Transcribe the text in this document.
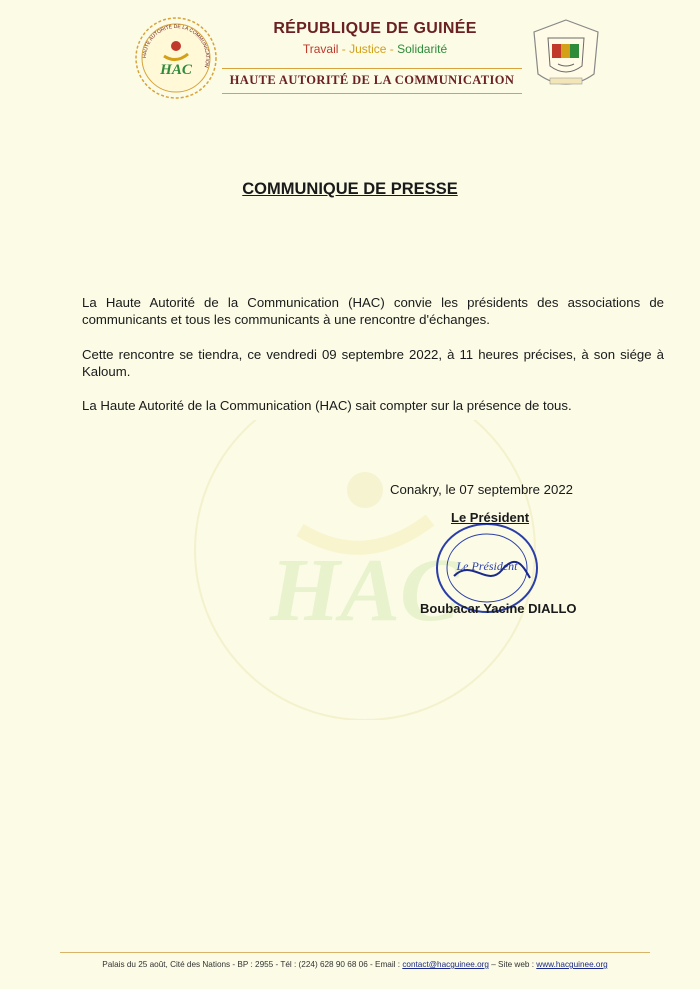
HAUTE AUTORITÉ DE LA COMMUNICATION
HAC
RÉPUBLIQUE DE GUINÉE

Travail - Justice - Solidarité

HAUTE AUTORITÉ DE LA COMMUNICATION

HAC
COMMUNIQUE DE PRESSE

La Haute Autorité de la Communication (HAC) convie les présidents des associations de communicants et tous les communicants à une rencontre d'échanges.

Cette rencontre se tiendra, ce vendredi 09 septembre 2022, à 11 heures précises, à son siége à Kaloum.

La Haute Autorité de la Communication (HAC) sait compter sur la présence de tous.

Conakry, le 07 septembre 2022

Le Président

Le Président

Boubacar Yacine DIALLO

Palais du 25 août, Cité des Nations - BP : 2955 - Tél : (224) 628 90 68 06 - Email : contact@hacguinee.org – Site web : www.hacguinee.org
